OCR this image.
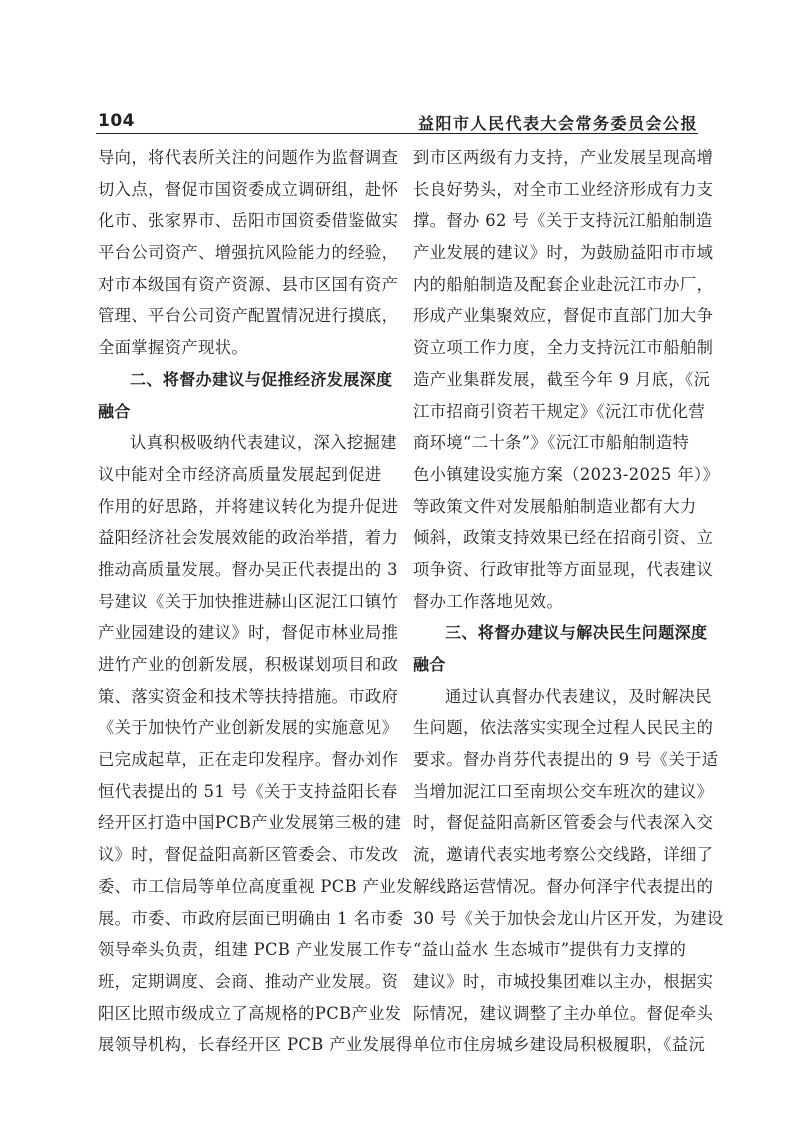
104	益阳市人民代表大会常务委员会公报
导向，将代表所关注的问题作为监督调查
切入点，督促市国资委成立调研组，赴怀
化市、张家界市、岳阳市国资委借鉴做实
平台公司资产、增强抗风险能力的经验，
对市本级国有资产资源、县市区国有资产
管理、平台公司资产配置情况进行摸底，
全面掌握资产现状。
二、将督办建议与促推经济发展深度
融合
认真积极吸纳代表建议，深入挖掘建
议中能对全市经济高质量发展起到促进
作用的好思路，并将建议转化为提升促进
益阳经济社会发展效能的政治举措，着力
推动高质量发展。督办吴正代表提出的 3
号建议《关于加快推进赫山区泥江口镇竹
产业园建设的建议》时，督促市林业局推
进竹产业的创新发展，积极谋划项目和政
策、落实资金和技术等扶持措施。市政府
《关于加快竹产业创新发展的实施意见》
已完成起草，正在走印发程序。督办刘作
恒代表提出的 51 号《关于支持益阳长春
经开区打造中国PCB产业发展第三极的建
议》时，督促益阳高新区管委会、市发改
委、市工信局等单位高度重视 PCB 产业发
展。市委、市政府层面已明确由 1 名市委
领导牵头负责，组建 PCB 产业发展工作专
班，定期调度、会商、推动产业发展。资
阳区比照市级成立了高规格的PCB产业发
展领导机构，长春经开区 PCB 产业发展得
到市区两级有力支持，产业发展呈现高增
长良好势头，对全市工业经济形成有力支
撑。督办 62 号《关于支持沅江船舶制造
产业发展的建议》时，为鼓励益阳市市域
内的船舶制造及配套企业赴沅江市办厂，
形成产业集聚效应，督促市直部门加大争
资立项工作力度，全力支持沅江市船舶制
造产业集群发展，截至今年 9 月底，《沅
江市招商引资若干规定》《沅江市优化营
商环境“二十条”》《沅江市船舶制造特
色小镇建设实施方案（2023-2025 年）》
等政策文件对发展船舶制造业都有大力
倾斜，政策支持效果已经在招商引资、立
项争资、行政审批等方面显现，代表建议
督办工作落地见效。
三、将督办建议与解决民生问题深度
融合
通过认真督办代表建议，及时解决民
生问题，依法落实实现全过程人民民主的
要求。督办肖芬代表提出的 9 号《关于适
当增加泥江口至南坝公交车班次的建议》
时，督促益阳高新区管委会与代表深入交
流，邀请代表实地考察公交线路，详细了
解线路运营情况。督办何泽宇代表提出的
30 号《关于加快会龙山片区开发，为建设
“益山益水 生态城市”提供有力支撑的
建议》时，市城投集团难以主办，根据实
际情况，建议调整了主办单位。督促牵头
单位市住房城乡建设局积极履职，《益沅
